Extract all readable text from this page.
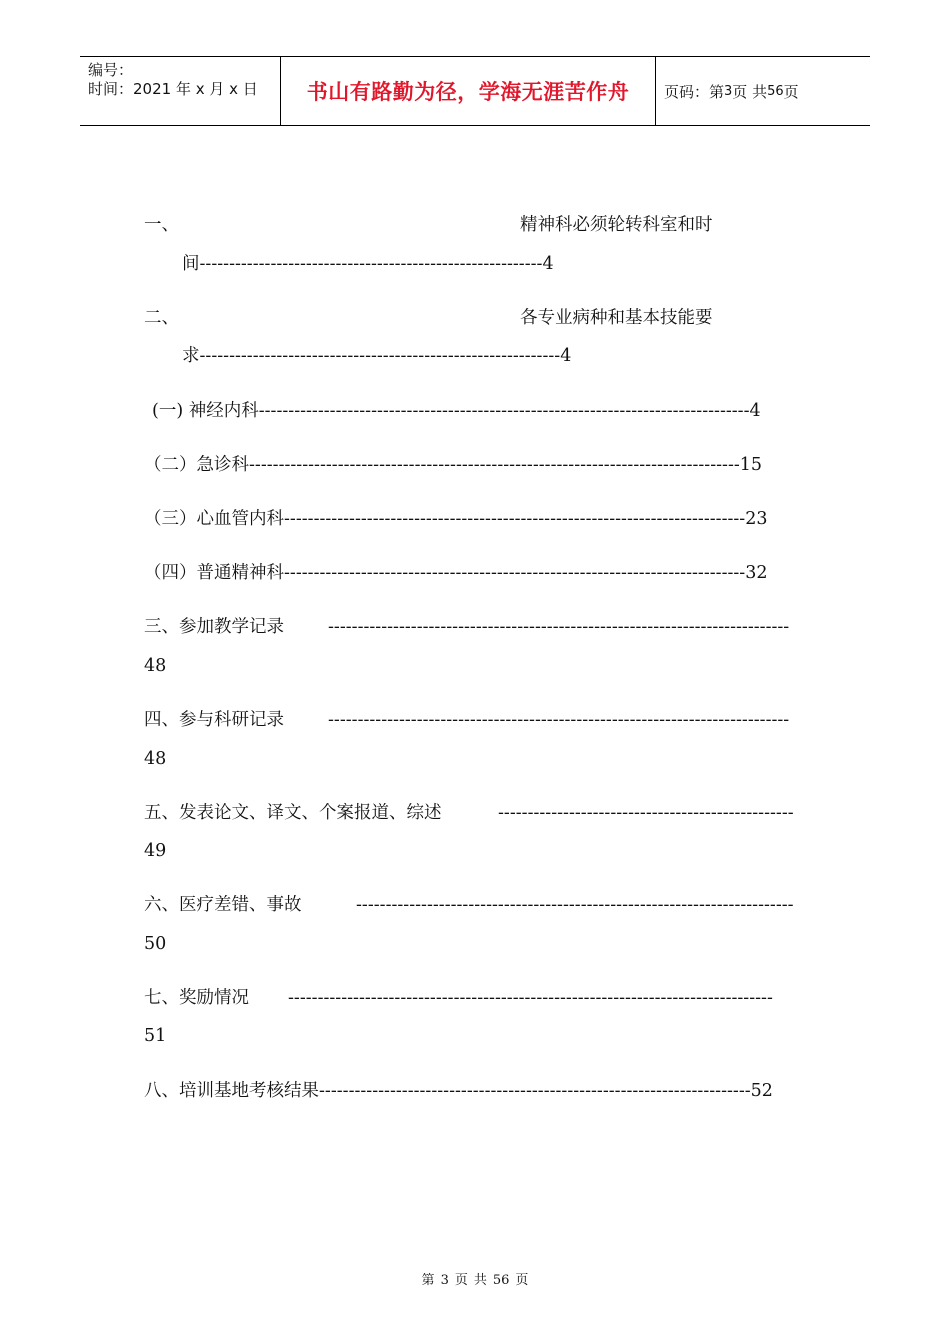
编号：
时间：2021 年 x 月 x 日	书山有路勤为径，学海无涯苦作舟	页码：第 3 页 共 56 页
一、	精神科必须轮转科室和时
间----------------------------------------------------------4
二、	各专业病种和基本技能要
求-------------------------------------------------------------4
(一) 神经内科-----------------------------------------------------------------------------------4
（二）急诊科-----------------------------------------------------------------------------------15
（三）心血管内科------------------------------------------------------------------------------23
（四）普通精神科------------------------------------------------------------------------------32
三、参加教学记录	------------------------------------------------------------------------------
48
四、参与科研记录	------------------------------------------------------------------------------
48
五、发表论文、译文、个案报道、综述	--------------------------------------------------
49
六、医疗差错、事故	--------------------------------------------------------------------------
50
七、奖励情况 ----------------------------------------------------------------------------------
51
八、培训基地考核结果-------------------------------------------------------------------------52
第 3 页 共 56 页
